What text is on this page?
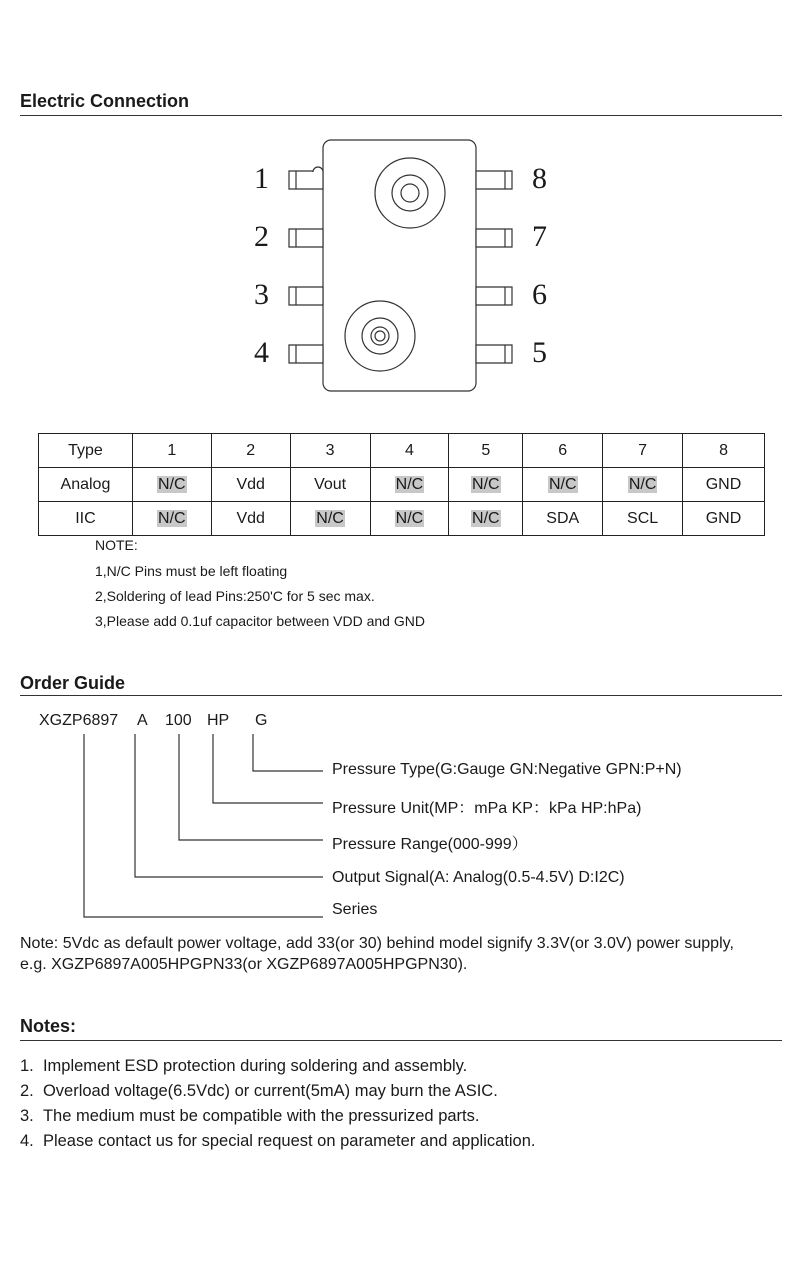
Electric Connection
1
2
3
4	5
6
7
8
Type	1	2	3	4	5	6	7	8
Analog	N/C	Vdd	Vout	N/C	N/C	N/C	N/C	GND
IIC	N/C	Vdd	N/C	N/C	N/C	SDA	SCL	GND
NOTE:
1,N/C Pins must be left floating
2,Soldering of lead Pins:250'C for 5 sec max.
3,Please add 0.1uf capacitor between VDD and GND
Order Guide
XGZP6897 A 100 HP G
Pressure Type(G:Gauge GN:Negative GPN:P+N)
Pressure Unit(MP：mPa KP：kPa HP:hPa)
Pressure Range(000-999）
Output Signal(A: Analog(0.5-4.5V) D:I2C)
Series
Note: 5Vdc as default power voltage, add 33(or 30) behind model signify 3.3V(or 3.0V) power supply,
e.g. XGZP6897A005HPGPN33(or XGZP6897A005HPGPN30).
Notes:
1. Implement ESD protection during soldering and assembly.
2. Overload voltage(6.5Vdc) or current(5mA) may burn the ASIC.
3. The medium must be compatible with the pressurized parts.
4. Please contact us for special request on parameter and application.
